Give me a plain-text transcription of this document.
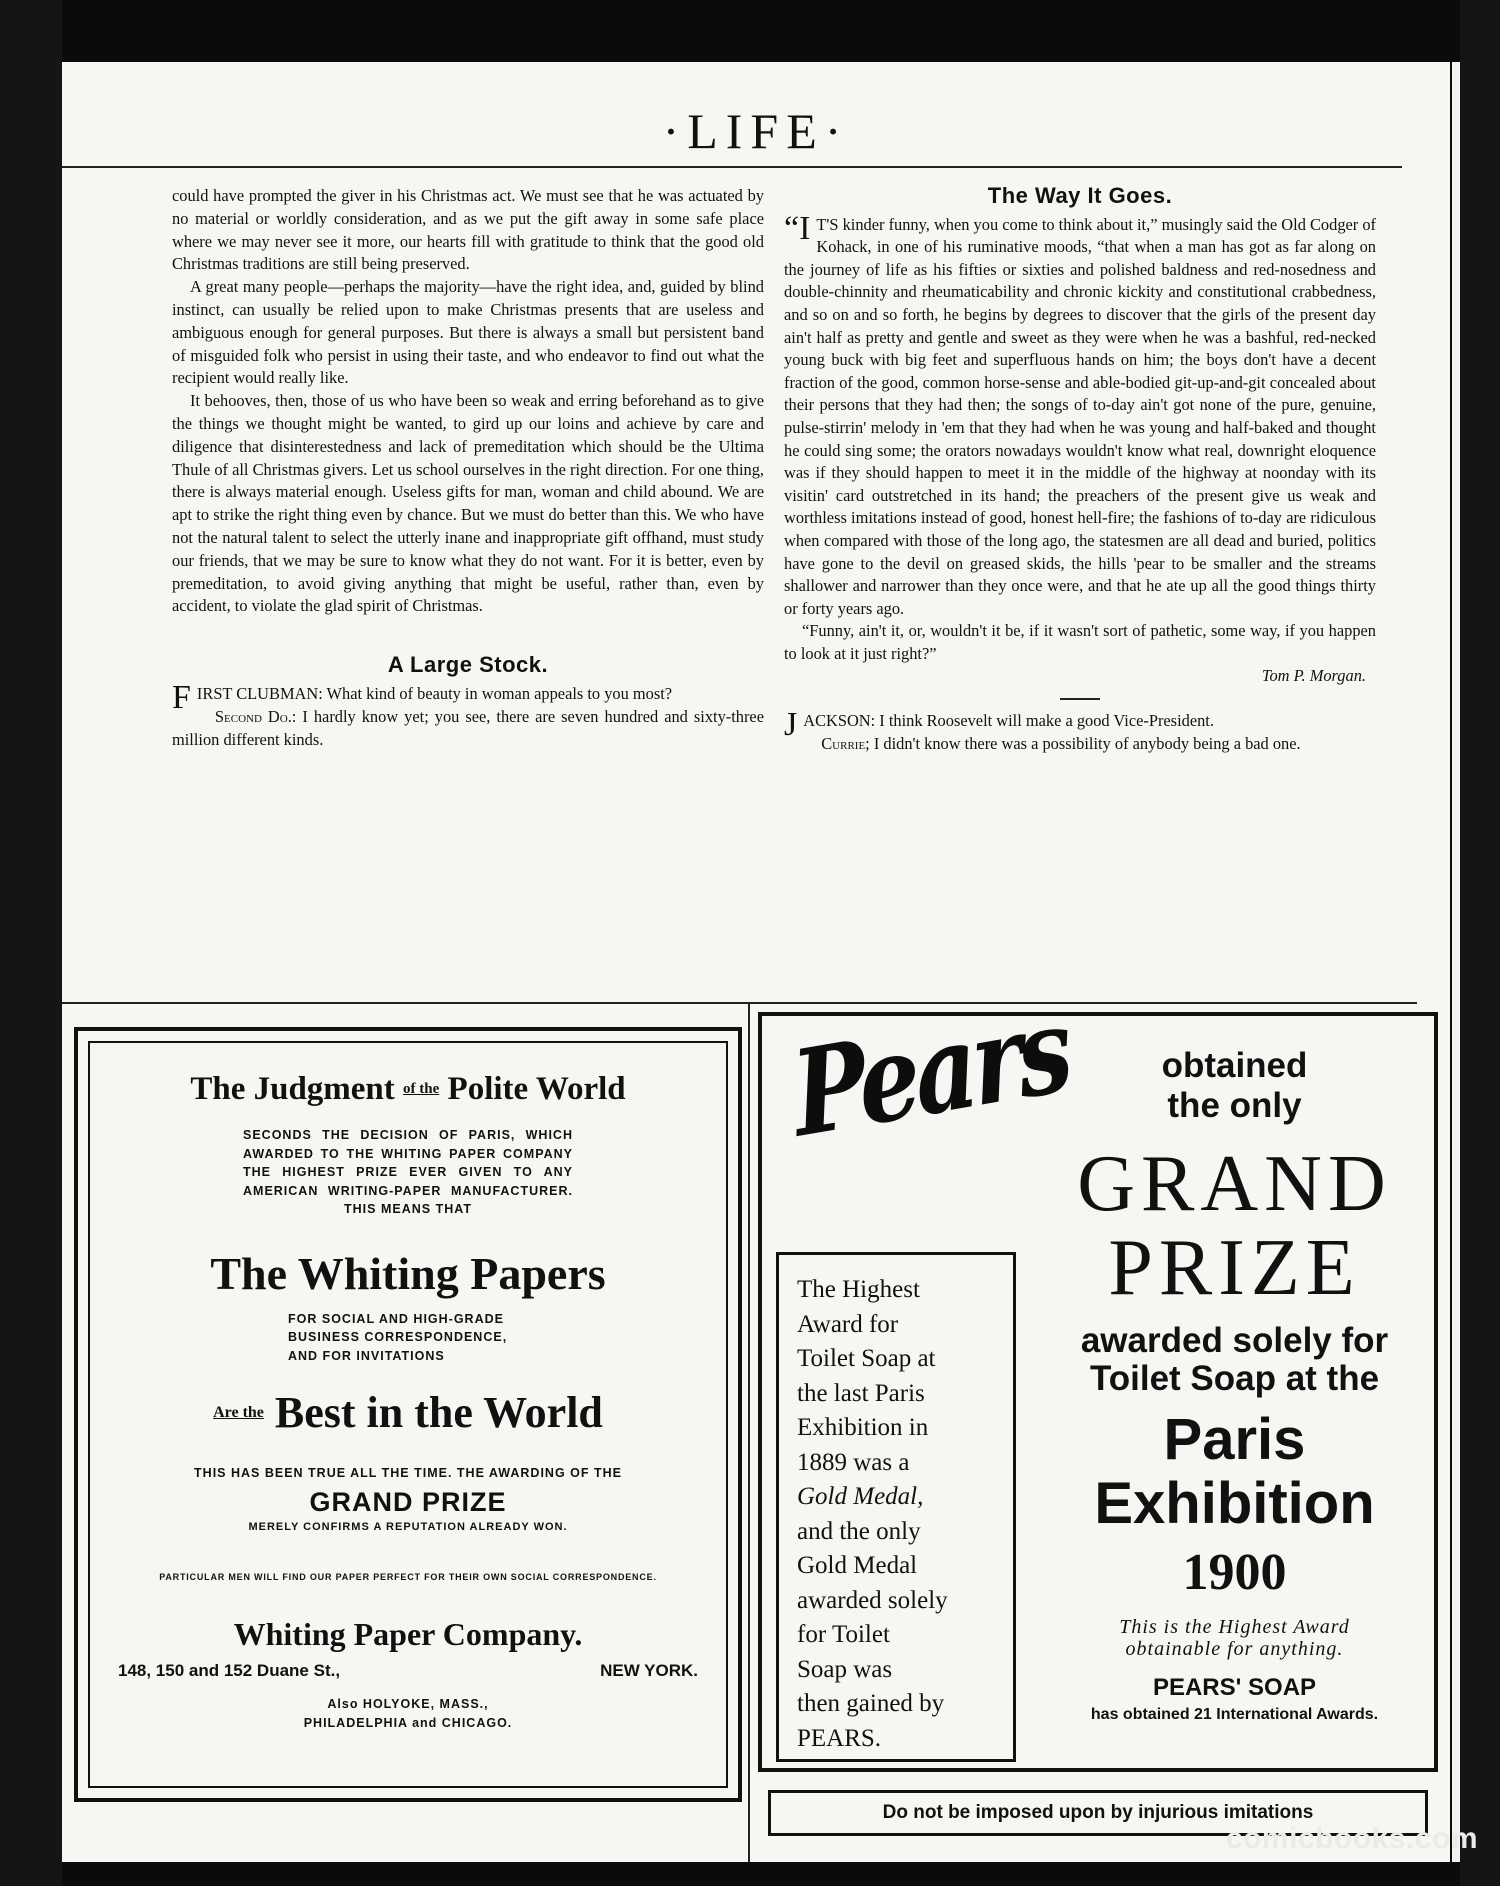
·LIFE·

could have prompted the giver in his Christmas act. We must see that he was actuated by no material or worldly consideration, and as we put the gift away in some safe place where we may never see it more, our hearts fill with gratitude to think that the good old Christmas traditions are still being preserved.

A great many people—perhaps the majority—have the right idea, and, guided by blind instinct, can usually be relied upon to make Christmas presents that are useless and ambiguous enough for general purposes. But there is always a small but persistent band of misguided folk who persist in using their taste, and who endeavor to find out what the recipient would really like.

It behooves, then, those of us who have been so weak and erring beforehand as to give the things we thought might be wanted, to gird up our loins and achieve by care and diligence that disinterestedness and lack of premeditation which should be the Ultima Thule of all Christmas givers. Let us school ourselves in the right direction. For one thing, there is always material enough. Useless gifts for man, woman and child abound. We are apt to strike the right thing even by chance. But we must do better than this. We who have not the natural talent to select the utterly inane and inappropriate gift offhand, must study our friends, that we may be sure to know what they do not want. For it is better, even by premeditation, to avoid giving anything that might be useful, rather than, even by accident, to violate the glad spirit of Christmas.

A Large Stock.

FIRST CLUBMAN: What kind of beauty in woman appeals to you most?

Second Do.: I hardly know yet; you see, there are seven hundred and sixty-three million different kinds.

The Way It Goes.

“I T'S kinder funny, when you come to think about it,” musingly said the Old Codger of Kohack, in one of his ruminative moods, “that when a man has got as far along on the journey of life as his fifties or sixties and polished baldness and red-nosedness and double-chinnity and rheumaticability and chronic kickity and constitutional crabbedness, and so on and so forth, he begins by degrees to discover that the girls of the present day ain't half as pretty and gentle and sweet as they were when he was a bashful, red-necked young buck with big feet and superfluous hands on him; the boys don't have a decent fraction of the good, common horse-sense and able-bodied git-up-and-git concealed about their persons that they had then; the songs of to-day ain't got none of the pure, genuine, pulse-stirrin' melody in 'em that they had when he was young and half-baked and thought he could sing some; the orators nowadays wouldn't know what real, downright eloquence was if they should happen to meet it in the middle of the highway at noonday with its visitin' card outstretched in its hand; the preachers of the present give us weak and worthless imitations instead of good, honest hell-fire; the fashions of to-day are ridiculous when compared with those of the long ago, the statesmen are all dead and buried, politics have gone to the devil on greased skids, the hills 'pear to be smaller and the streams shallower and narrower than they once were, and that he ate up all the good things thirty or forty years ago.

“Funny, ain't it, or, wouldn't it be, if it wasn't sort of pathetic, some way, if you happen to look at it just right?”

Tom P. Morgan.

JACKSON: I think Roosevelt will make a good Vice-President.

Currie; I didn't know there was a possibility of anybody being a bad one.

The Judgment of the Polite World
SECONDS THE DECISION OF PARIS, WHICH AWARDED TO THE WHITING PAPER COMPANY THE HIGHEST PRIZE EVER GIVEN TO ANY AMERICAN WRITING-PAPER MANUFACTURER. THIS MEANS THAT
The Whiting Papers
FOR SOCIAL AND HIGH-GRADE BUSINESS CORRESPONDENCE, AND FOR INVITATIONS
$^{Are the}$ Best in the World
THIS HAS BEEN TRUE ALL THE TIME. THE AWARDING OF THE
GRAND PRIZE
MERELY CONFIRMS A REPUTATION ALREADY WON.
PARTICULAR MEN WILL FIND OUR PAPER PERFECT FOR THEIR OWN SOCIAL CORRESPONDENCE.
Whiting Paper Company.
148, 150 and 152 Duane St.,	NEW YORK.
Also HOLYOKE, MASS.,
PHILADELPHIA and CHICAGO.
Pears	obtained
the only
GRAND
PRIZE
awarded solely for
Toilet Soap at the
Paris
Exhibition
1900
This is the Highest Award
obtainable for anything.
PEARS' SOAP
has obtained 21 International Awards.
The Highest
Award for
Toilet Soap at
the last Paris
Exhibition in
1889 was a
Gold Medal,
and the only
Gold Medal
awarded solely
for Toilet
Soap was
then gained by
PEARS.
Do not be imposed upon by injurious imitations
comicbooks.com
